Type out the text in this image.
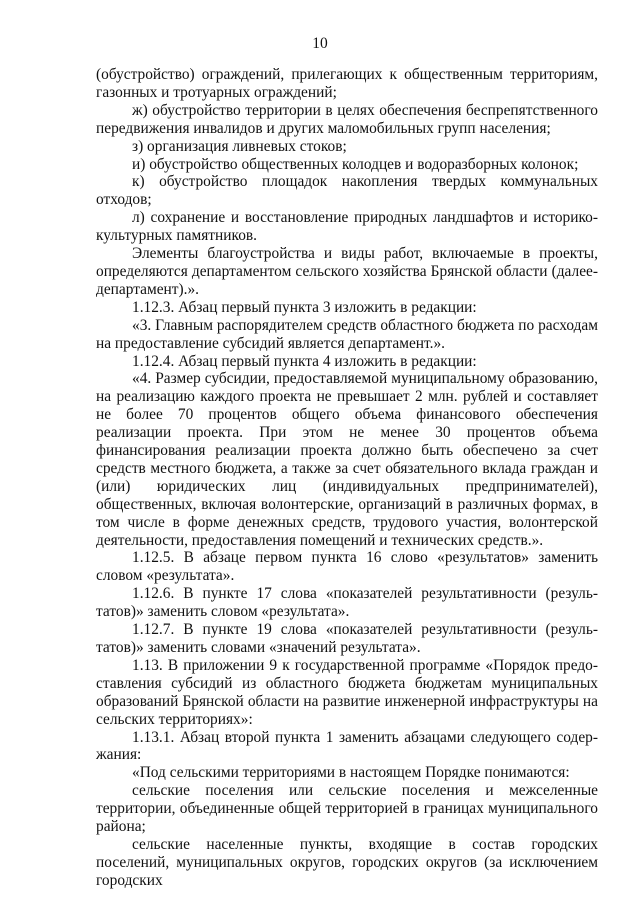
10

(обустройство) ограждений, прилегающих к общественным территориям, газонных и тротуарных ограждений;

ж) обустройство территории в целях обеспечения беспрепятственного передвижения инвалидов и других маломобильных групп населения;

з) организация ливневых стоков;

и) обустройство общественных колодцев и водоразборных колонок;

к) обустройство площадок накопления твердых коммунальных отходов;

л) сохранение и восстановление природных ландшафтов и историко-культурных памятников.

Элементы благоустройства и виды работ, включаемые в проекты, определяются департаментом сельского хозяйства Брянской области (далее-департамент).».

1.12.3. Абзац первый пункта 3 изложить в редакции:

«3. Главным распорядителем средств областного бюджета по расходам на предоставление субсидий является департамент.».

1.12.4. Абзац первый пункта 4 изложить в редакции:

«4. Размер субсидии, предоставляемой муниципальному образованию, на реализацию каждого проекта не превышает 2 млн. рублей и составляет не более 70 процентов общего объема финансового обеспечения реализации проекта. При этом не менее 30 процентов объема финансирования реализации проекта должно быть обеспечено за счет средств местного бюджета, а также за счет обязательного вклада граждан и (или) юридических лиц (индивидуальных предпринимателей), общественных, включая волонтерские, организаций в различных формах, в том числе в форме денежных средств, трудового участия, волонтерской деятельности, предоставления помещений и технических средств.».

1.12.5. В абзаце первом пункта 16 слово «результатов» заменить словом «результата».

1.12.6. В пункте 17 слова «показателей результативности (результатов)» заменить словом «результата».

1.12.7. В пункте 19 слова «показателей результативности (результатов)» заменить словами «значений результата».

1.13. В приложении 9 к государственной программе «Порядок предоставления субсидий из областного бюджета бюджетам муниципальных образований Брянской области на развитие инженерной инфраструктуры на сельских территориях»:

1.13.1. Абзац второй пункта 1 заменить абзацами следующего содержания:

«Под сельскими территориями в настоящем Порядке понимаются:

сельские поселения или сельские поселения и межселенные территории, объединенные общей территорией в границах муниципального района;

сельские населенные пункты, входящие в состав городских поселений, муниципальных округов, городских округов (за исключением городских
